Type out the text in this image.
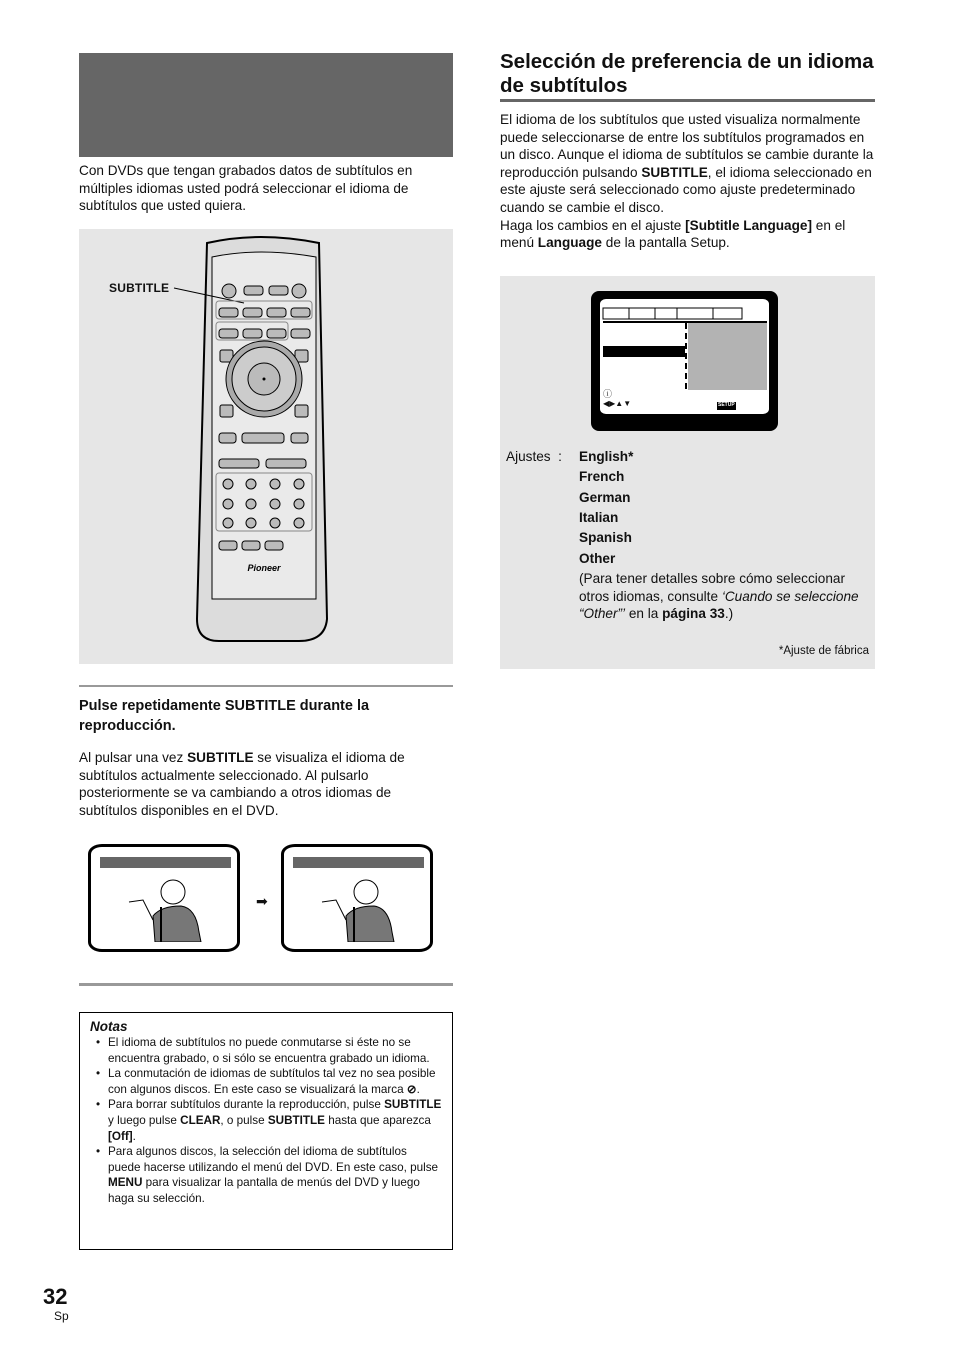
Con DVDs que tengan grabados datos de subtítulos en múltiples idiomas usted podrá seleccionar el idioma de subtítulos que usted quiera.

Pioneer
SUBTITLE
Pulse repetidamente SUBTITLE durante la reproducción.

Al pulsar una vez SUBTITLE se visualiza el idioma de subtítulos actualmente seleccionado. Al pulsarlo posteriormente se va cambiando a otros idiomas de subtítulos disponibles en el DVD.

➡
Notas
• El idioma de subtítulos no puede conmutarse si éste no se encuentra grabado, o si sólo se encuentra grabado un idioma.
• La conmutación de idiomas de subtítulos tal vez no sea posible con algunos discos. En este caso se visualizará la marca ⊘.
• Para borrar subtítulos durante la reproducción, pulse SUBTITLE y luego pulse CLEAR, o pulse SUBTITLE hasta que aparezca [Off].
• Para algunos discos, la selección del idioma de subtítulos puede hacerse utilizando el menú del DVD. En este caso, pulse MENU para visualizar la pantalla de menús del DVD y luego haga su selección.
Selección de preferencia de un idioma de subtítulos

El idioma de los subtítulos que usted visualiza normalmente puede seleccionarse de entre los subtítulos programados en un disco. Aunque el idioma de subtítulos se cambie durante la reproducción pulsando SUBTITLE, el idioma seleccionado en este ajuste será seleccionado como ajuste predeterminado cuando se cambie el disco.

Haga los cambios en el ajuste [Subtitle Language] en el menú Language de la pantalla Setup.

ⓘ
◀▶▲▼	SETUP
Ajustes : English*
French
German
Italian
Spanish
Other

(Para tener detalles sobre cómo seleccionar otros idiomas, consulte ‘Cuando se seleccione “Other”’ en la página 33.)

*Ajuste de fábrica
32
Sp
